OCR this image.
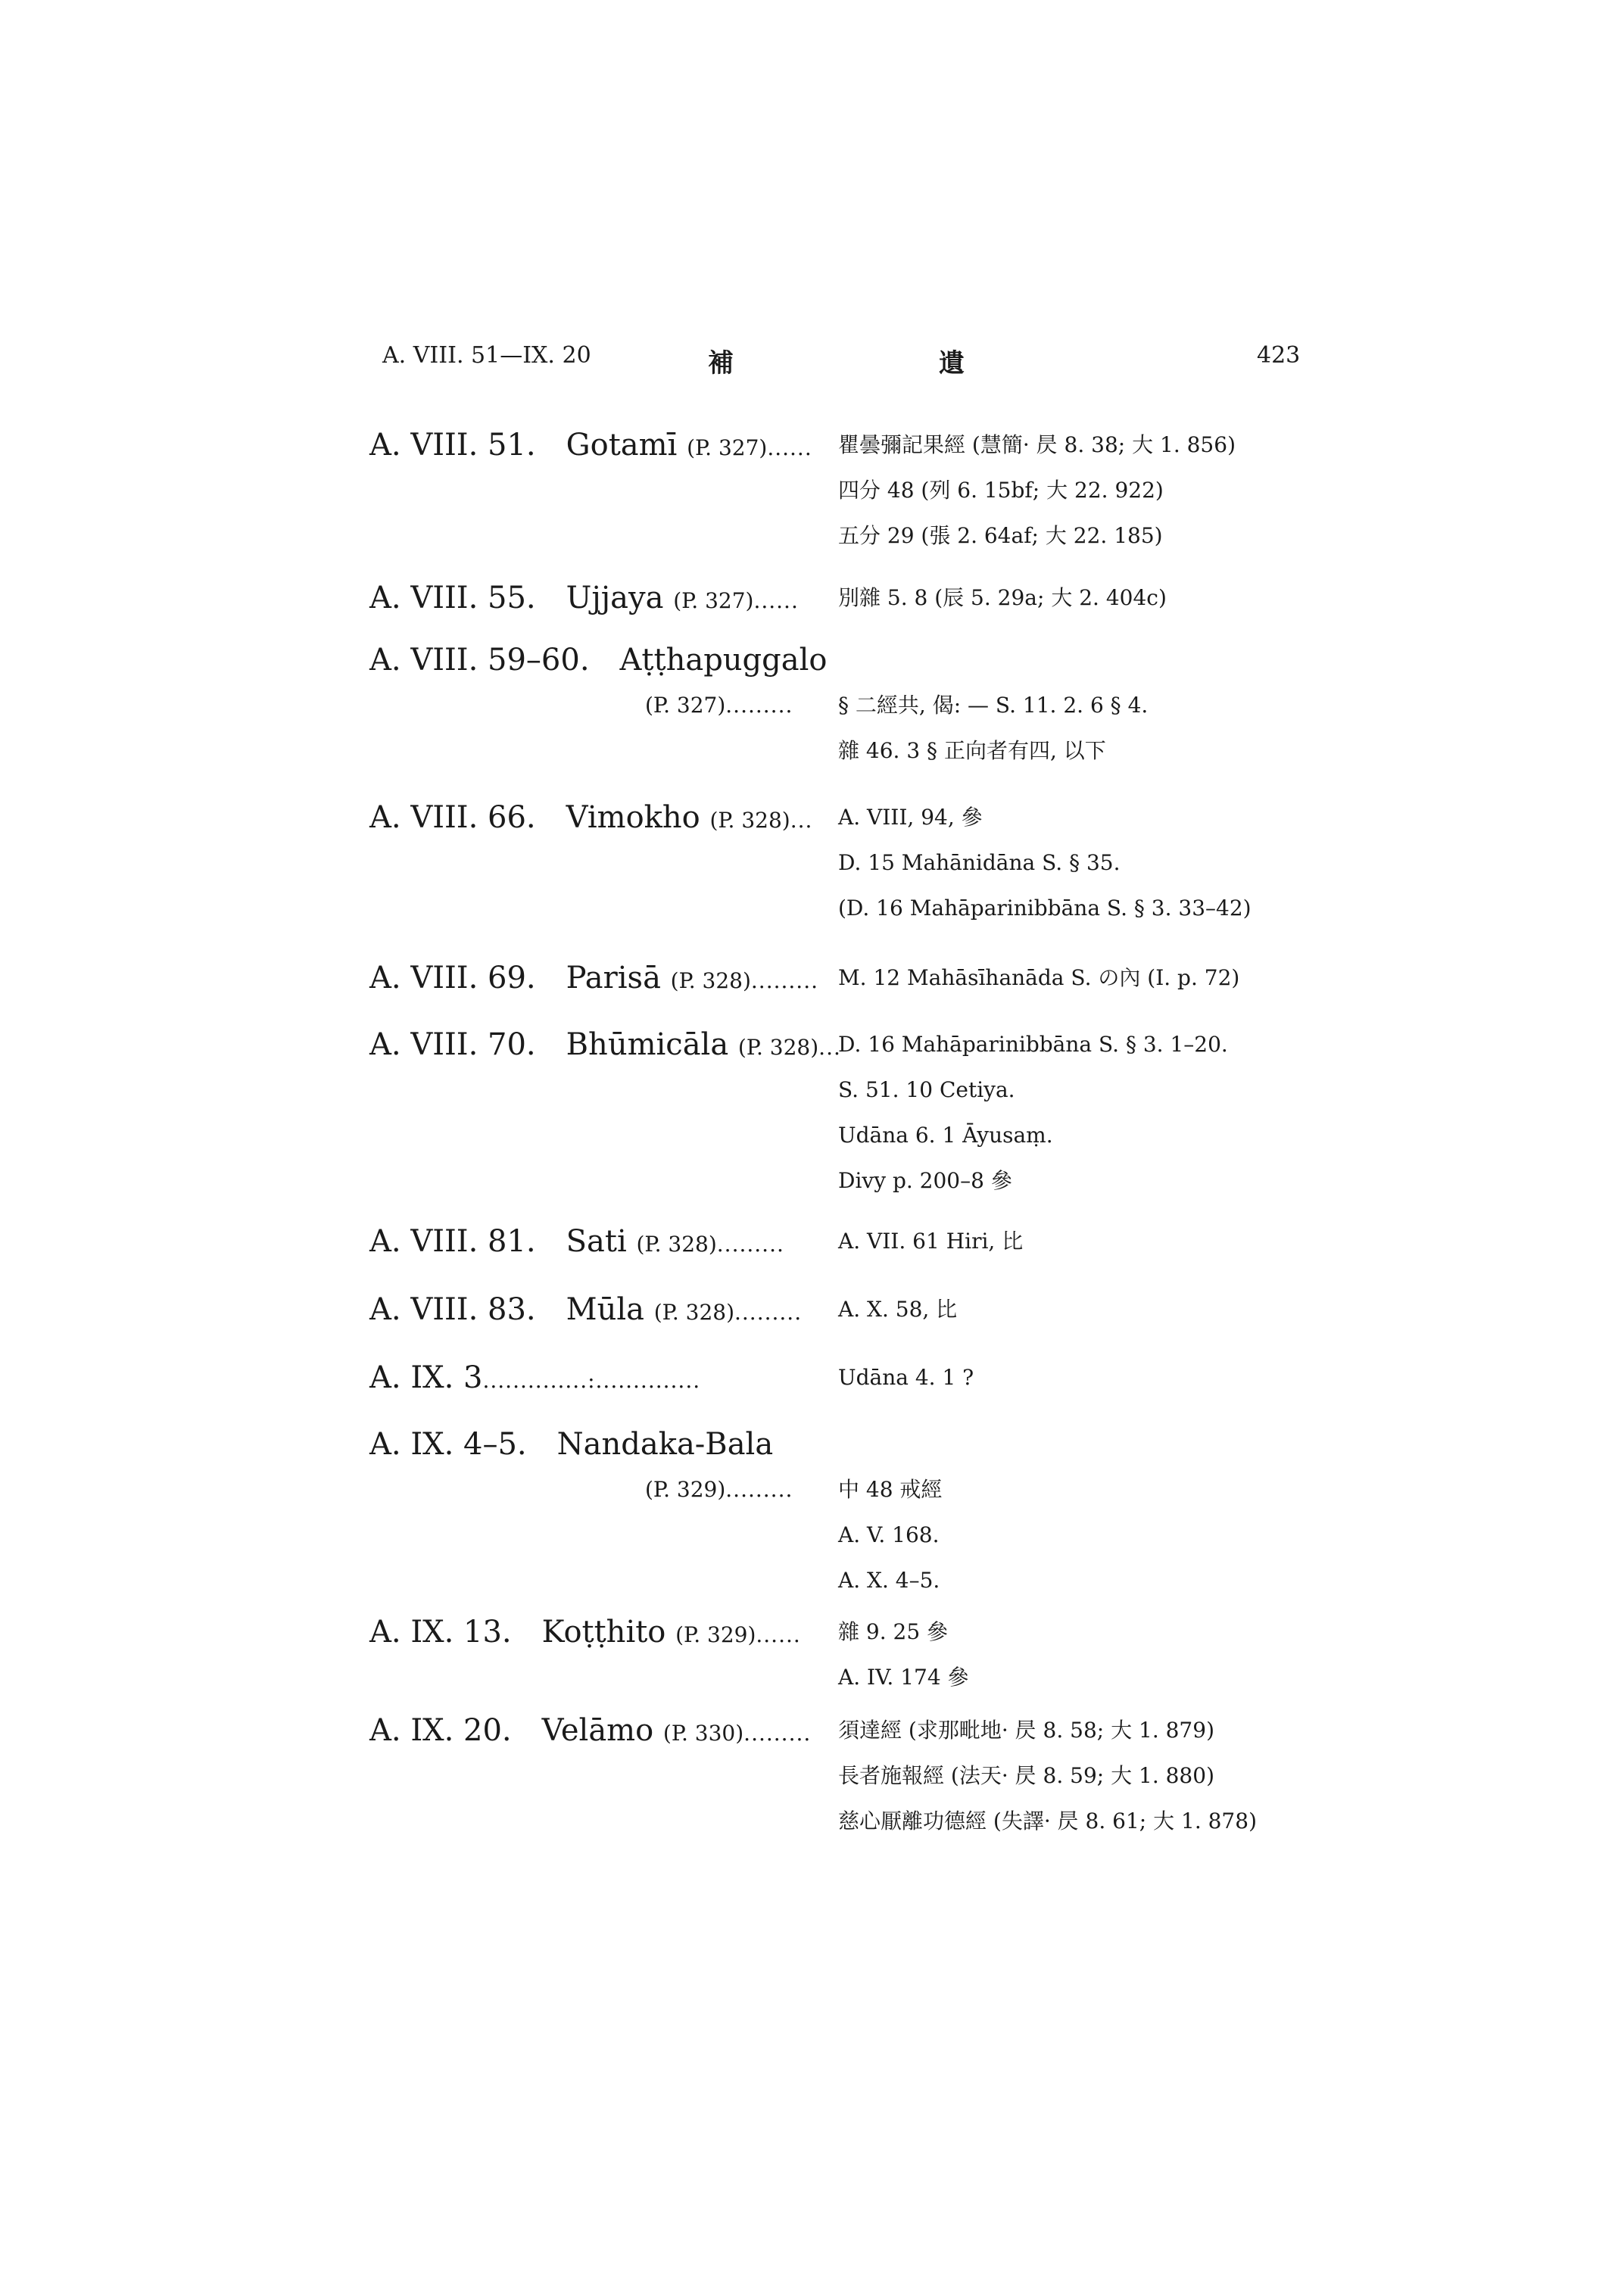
A. VIII. 51—IX. 20	補	遺	423
A. VIII. 51.  Gotamī (P. 327)...... 瞿曇彌記果經 (慧簡· 昃 8. 38; 大 1. 856)
四分 48 (列 6. 15bf; 大 22. 922)
五分 29 (張 2. 64af; 大 22. 185)
A. VIII. 55.  Ujjaya (P. 327)...... 別雜 5. 8 (辰 5. 29a; 大 2. 404c)
A. VIII. 59–60.  Aṭṭhapuggalo
(P. 327)......... § 二經共, 偈: — S. 11. 2. 6 § 4.
雜 46. 3 § 正向者有四, 以下
A. VIII. 66.  Vimokho (P. 328)... A. VIII, 94, 參
D. 15 Mahānidāna S. § 35.
(D. 16 Mahāparinibbāna S. § 3. 33–42)
A. VIII. 69.  Parisā (P. 328)......... M. 12 Mahāsīhanāda S. の內 (I. p. 72)
A. VIII. 70.  Bhūmicāla (P. 328)...
D. 16 Mahāparinibbāna S. § 3. 1–20.
S. 51. 10 Cetiya.
Udāna 6. 1 Āyusaṃ.
Divy p. 200–8 參
A. VIII. 81.  Sati (P. 328).........	A. VII. 61 Hiri, 比
A. VIII. 83.  Mūla (P. 328)......... A. X. 58, 比
A. IX. 3..............:..............	Udāna 4. 1 ?
A. IX. 4–5.  Nandaka-Bala
(P. 329)......... 中 48 戒經
A. V. 168.
A. X. 4–5.
A. IX. 13.  Koṭṭhito (P. 329)...... 雜 9. 25 參
A. IV. 174 參
A. IX. 20.  Velāmo (P. 330)......... 須達經 (求那毗地· 昃 8. 58; 大 1. 879)
長者施報經 (法天· 昃 8. 59; 大 1. 880)
慈心厭離功德經 (失譯· 昃 8. 61; 大 1. 878)
